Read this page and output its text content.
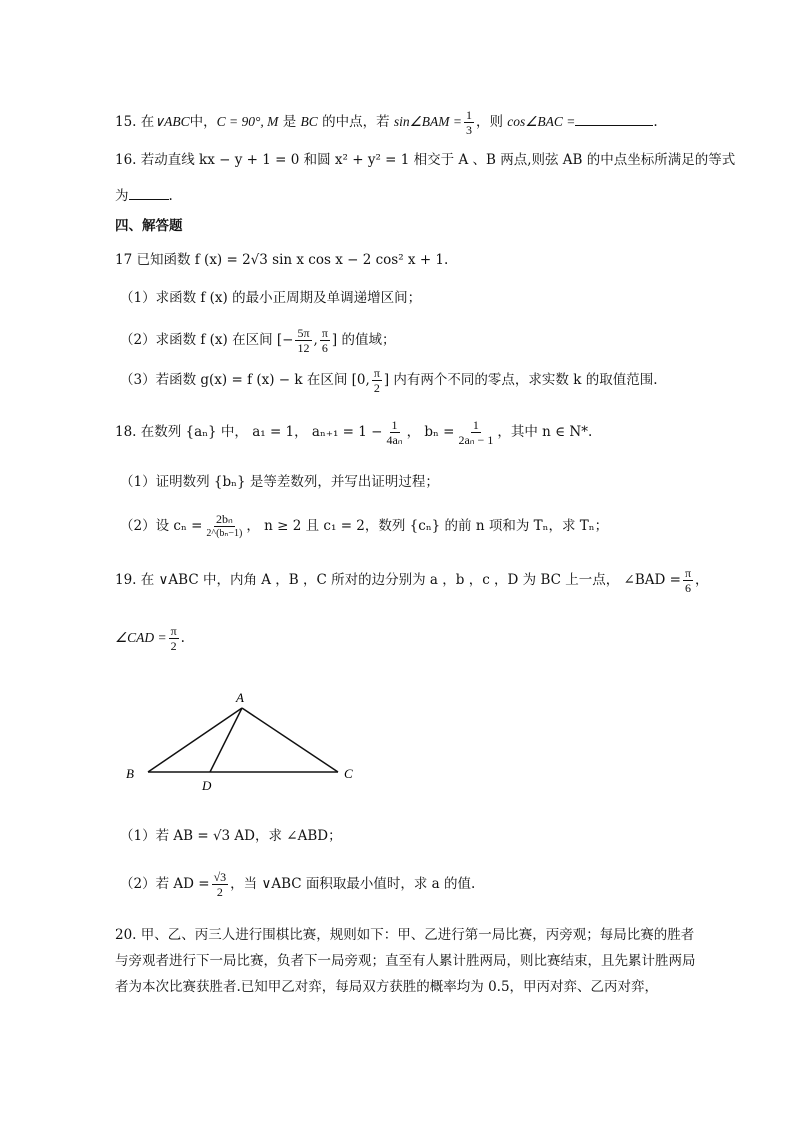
15. 在∨ABC中，C = 90°, M 是 BC 的中点，若 sin∠BAM = $\frac{1}{3}$ ，则 cos∠BAC =	.
16. 若动直线 kx − y + 1 = 0 和圆 x² + y² = 1 相交于 A 、B 两点,则弦 AB 的中点坐标所满足的等式
为	.
四、解答题
17 已知函数 f (x) = 2√3 sin x cos x − 2 cos² x + 1.
（1）求函数 f (x) 的最小正周期及单调递增区间；
（2）求函数 f (x) 在区间 [− $\frac{5\pi}{12}$ , $\frac{\pi}{6}$ ] 的值域；
（3）若函数 g(x) = f (x) − k 在区间 [0, $\frac{\pi}{2}$ ] 内有两个不同的零点，求实数 k 的取值范围.
18. 在数列 {aₙ} 中， a₁ = 1， $a_{n+1} = 1 - \frac{1}{\text{4aₙ}}$ ， $b_n = \frac{1}{\text{2aₙ − 1}}$ ，其中 n ∈ N*.
（1）证明数列 {bₙ} 是等差数列，并写出证明过程；
（2）设 $c_n = \frac{\text{2bₙ}}{\text{2\textasciicircum{}(bₙ−1)}}$ ， n ≥ 2 且 c₁ = 2，数列 {cₙ} 的前 n 项和为 Tₙ，求 Tₙ；
19. 在 ∨ABC 中，内角 A ，B ，C 所对的边分别为 a ，b ，c ，D 为 BC 上一点， ∠BAD = $\frac{\pi}{6}$ ，
∠CAD = $\frac{\pi}{2}$ .
A
B	C
D
（1）若 AB = √3 AD，求 ∠ABD；
（2）若 AD = $\frac{√3}{2}$ ，当 ∨ABC 面积取最小值时，求 a 的值.
20. 甲、乙、丙三人进行围棋比赛，规则如下：甲、乙进行第一局比赛，丙旁观；每局比赛的胜者与旁观者进行下一局比赛，负者下一局旁观；直至有人累计胜两局，则比赛结束，且先累计胜两局者为本次比赛获胜者.已知甲乙对弈，每局双方获胜的概率均为 0.5，甲丙对弈、乙丙对弈，
